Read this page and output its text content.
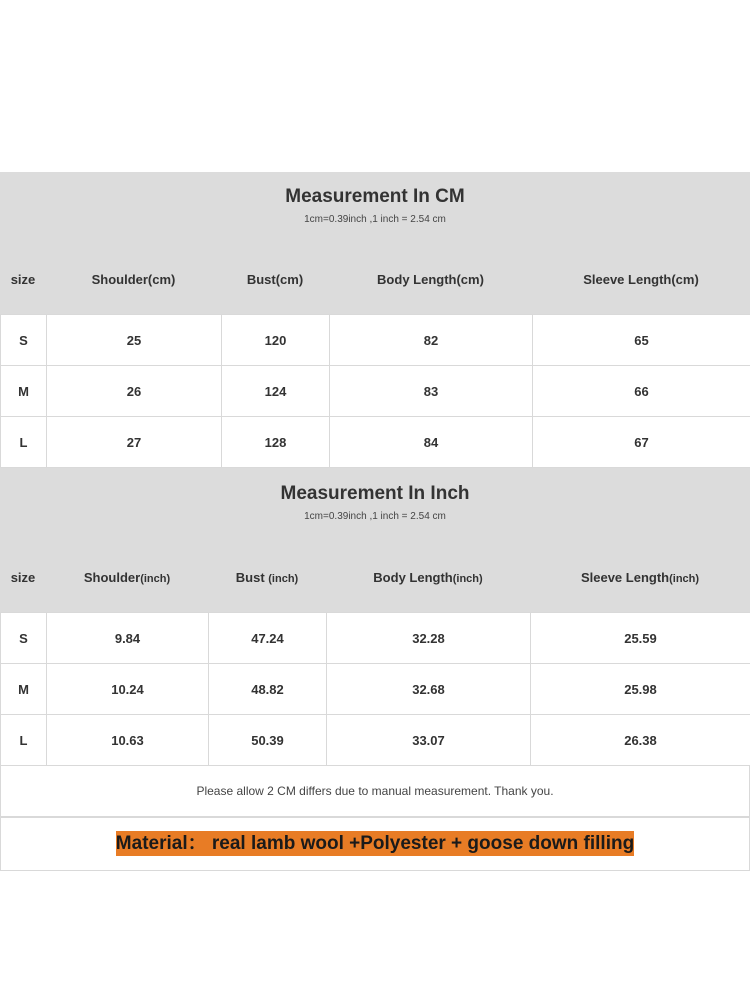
Measurement In CM
1cm=0.39inch ,1 inch = 2.54 cm
size	Shoulder(cm)	Bust(cm)	Body Length(cm)	Sleeve Length(cm)
S	25	120	82	65
M	26	124	83	66
L	27	128	84	67
Measurement In Inch
1cm=0.39inch ,1 inch = 2.54 cm
size	Shoulder(inch)	Bust (inch)	Body Length(inch)	Sleeve Length(inch)
S	9.84	47.24	32.28	25.59
M	10.24	48.82	32.68	25.98
L	10.63	50.39	33.07	26.38
Please allow 2 CM differs due to manual measurement. Thank you.
Material： real lamb wool +Polyester + goose down filling
